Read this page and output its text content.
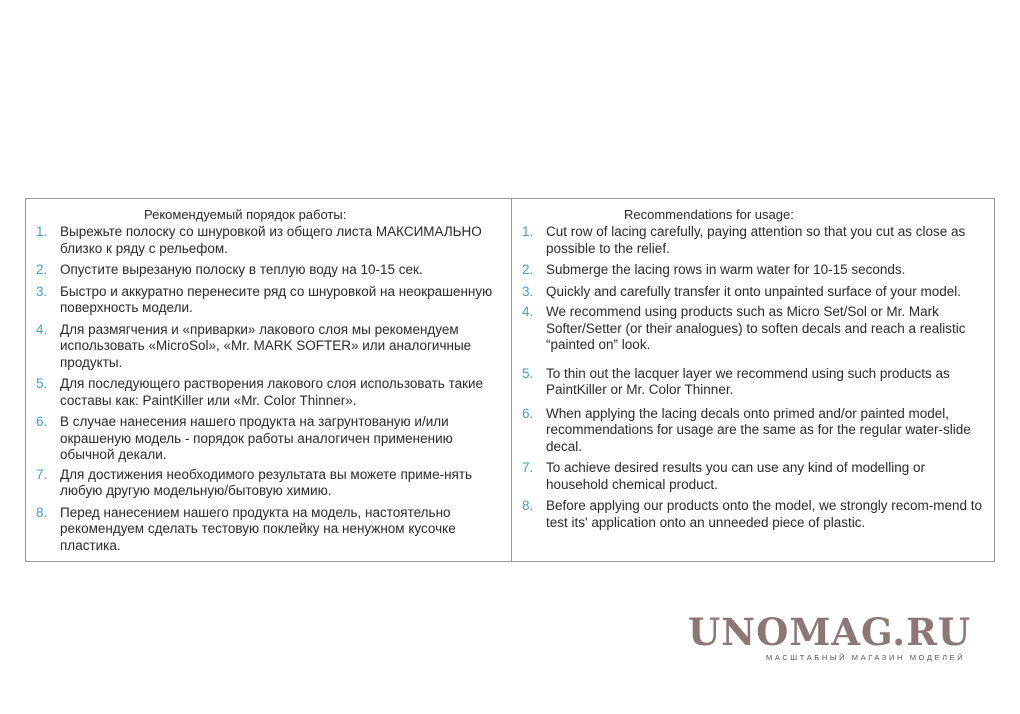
Рекомендуемый порядок работы:
1. Вырежьте полоску со шнуровкой из общего листа МАКСИМАЛЬНО близко к ряду с рельефом.
2. Опустите вырезаную полоску в теплую воду на 10-15 сек.
3. Быстро и аккуратно перенесите ряд со шнуровкой на неокрашенную поверхность модели.
4. Для размягчения и «приварки» лакового слоя мы рекомендуем использовать «MicroSol», «Mr. MARK SOFTER» или аналогичные продукты.
5. Для последующего растворения лакового слоя использовать такие составы как: PaintKiller или «Mr. Color Thinner».
6. В случае нанесения нашего продукта на загрунтованую и/или окрашеную модель - порядок работы аналогичен применению обычной декали.
7. Для достижения необходимого результата вы можете приме-нять любую другую модельную/бытовую химию.
8. Перед нанесением нашего продукта на модель, настоятельно рекомендуем сделать тестовую поклейку на ненужном кусочке пластика.
Recommendations for usage:
1. Cut row of lacing carefully, paying attention so that you cut as close as possible to the relief.
2. Submerge the lacing rows in warm water for 10-15 seconds.
3. Quickly and carefully transfer it onto unpainted surface of your model.
4. We recommend using products such as Micro Set/Sol or Mr. Mark Softer/Setter (or their analogues) to soften decals and reach a realistic “painted on” look.
5. To thin out the lacquer layer we recommend using such products as PaintKiller or Mr. Color Thinner.
6. When applying the lacing decals onto primed and/or painted model, recommendations for usage are the same as for the regular water-slide decal.
7. To achieve desired results you can use any kind of modelling or household chemical product.
8. Before applying our products onto the model, we strongly recom-mend to test its' application onto an unneeded piece of plastic.
UNOMAG.RU
МАСШТАБНЫЙ МАГАЗИН МОДЕЛЕЙ
